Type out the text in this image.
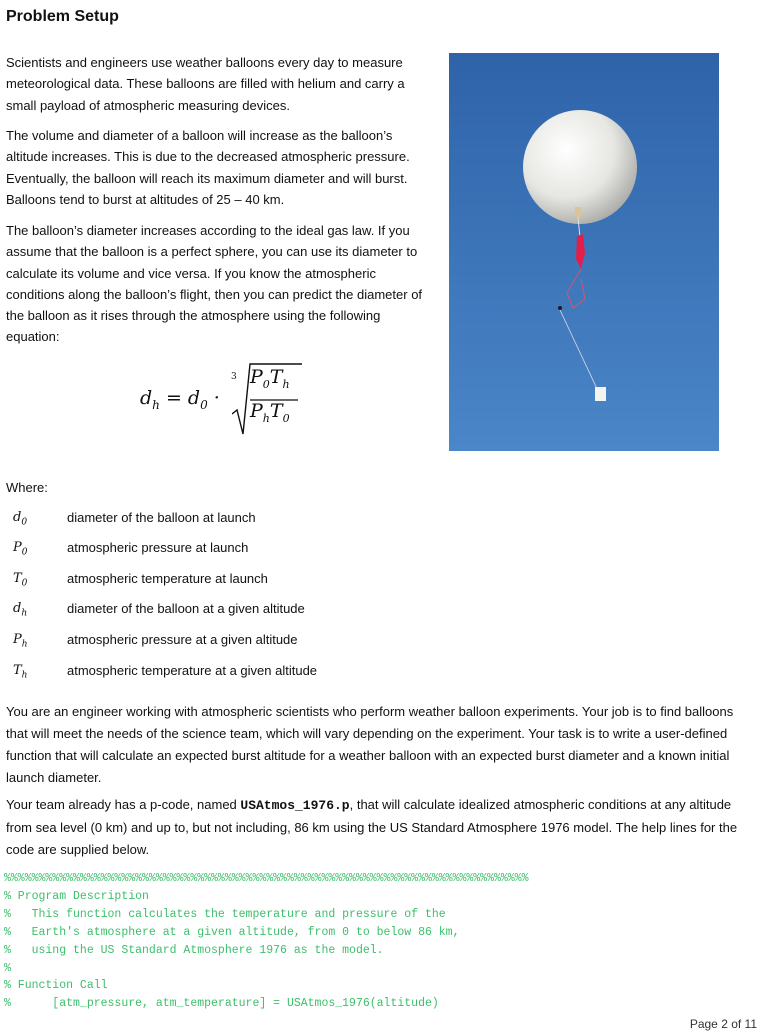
Problem Setup

Scientists and engineers use weather balloons every day to measure meteorological data. These balloons are filled with helium and carry a small payload of atmospheric measuring devices.

The volume and diameter of a balloon will increase as the balloon’s altitude increases. This is due to the decreased atmospheric pressure. Eventually, the balloon will reach its maximum diameter and will burst. Balloons tend to burst at altitudes of 25 – 40 km.

The balloon’s diameter increases according to the ideal gas law. If you assume that the balloon is a perfect sphere, you can use its diameter to calculate its volume and vice versa. If you know the atmospheric conditions along the balloon’s flight, then you can predict the diameter of the balloon as it rises through the atmosphere using the following equation:

$d_h = d_0$ ·
3 $P_0T_h$
$P_hT_0$
Where:
$d_0$	diameter of the balloon at launch
$P_0$	atmospheric pressure at launch
$T_0$	atmospheric temperature at launch
$d_h$	diameter of the balloon at a given altitude
$P_h$	atmospheric pressure at a given altitude
$T_h$	atmospheric temperature at a given altitude

You are an engineer working with atmospheric scientists who perform weather balloon experiments. Your job is to find balloons that will meet the needs of the science team, which will vary depending on the experiment. Your task is to write a user-defined function that will calculate an expected burst altitude for a weather balloon with an expected burst diameter and a known initial launch diameter.

Your team already has a p-code, named USAtmos_1976.p, that will calculate idealized atmospheric conditions at any altitude from sea level (0 km) and up to, but not including, 86 km using the US Standard Atmosphere 1976 model. The help lines for the code are supplied below.

%%%%%%%%%%%%%%%%%%%%%%%%%%%%%%%%%%%%%%%%%%%%%%%%%%%%%%%%%%%%%%%%%%%%%%%%%%%%
% Program Description
%   This function calculates the temperature and pressure of the
%   Earth's atmosphere at a given altitude, from 0 to below 86 km,
%   using the US Standard Atmosphere 1976 as the model.
%
% Function Call
%      [atm_pressure, atm_temperature] = USAtmos_1976(altitude)
Page 2 of 11
